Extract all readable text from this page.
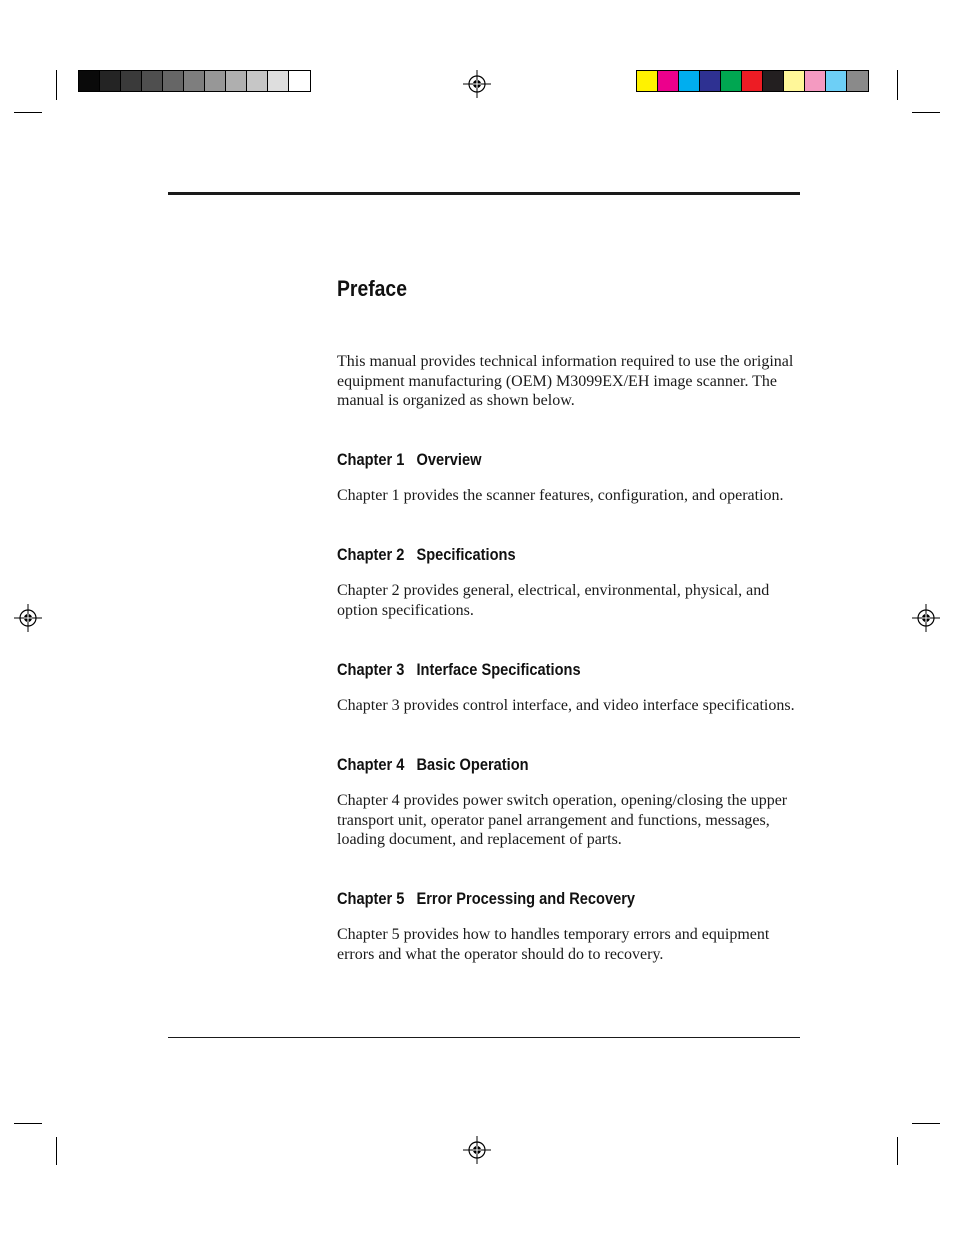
Preface
This manual provides technical information required to use the original equipment manufacturing (OEM) M3099EX/EH image scanner. The manual is organized as shown below.
Chapter 1 Overview
Chapter 1 provides the scanner features, configuration, and operation.
Chapter 2 Specifications
Chapter 2 provides general, electrical, environmental, physical, and option specifications.
Chapter 3 Interface Specifications
Chapter 3 provides control interface, and video interface specifications.
Chapter 4 Basic Operation
Chapter 4 provides power switch operation, opening/closing the upper transport unit, operator panel arrangement and functions, messages, loading document, and replacement of parts.
Chapter 5 Error Processing and Recovery
Chapter 5 provides how to handles temporary errors and equipment errors and what the operator should do to recovery.
